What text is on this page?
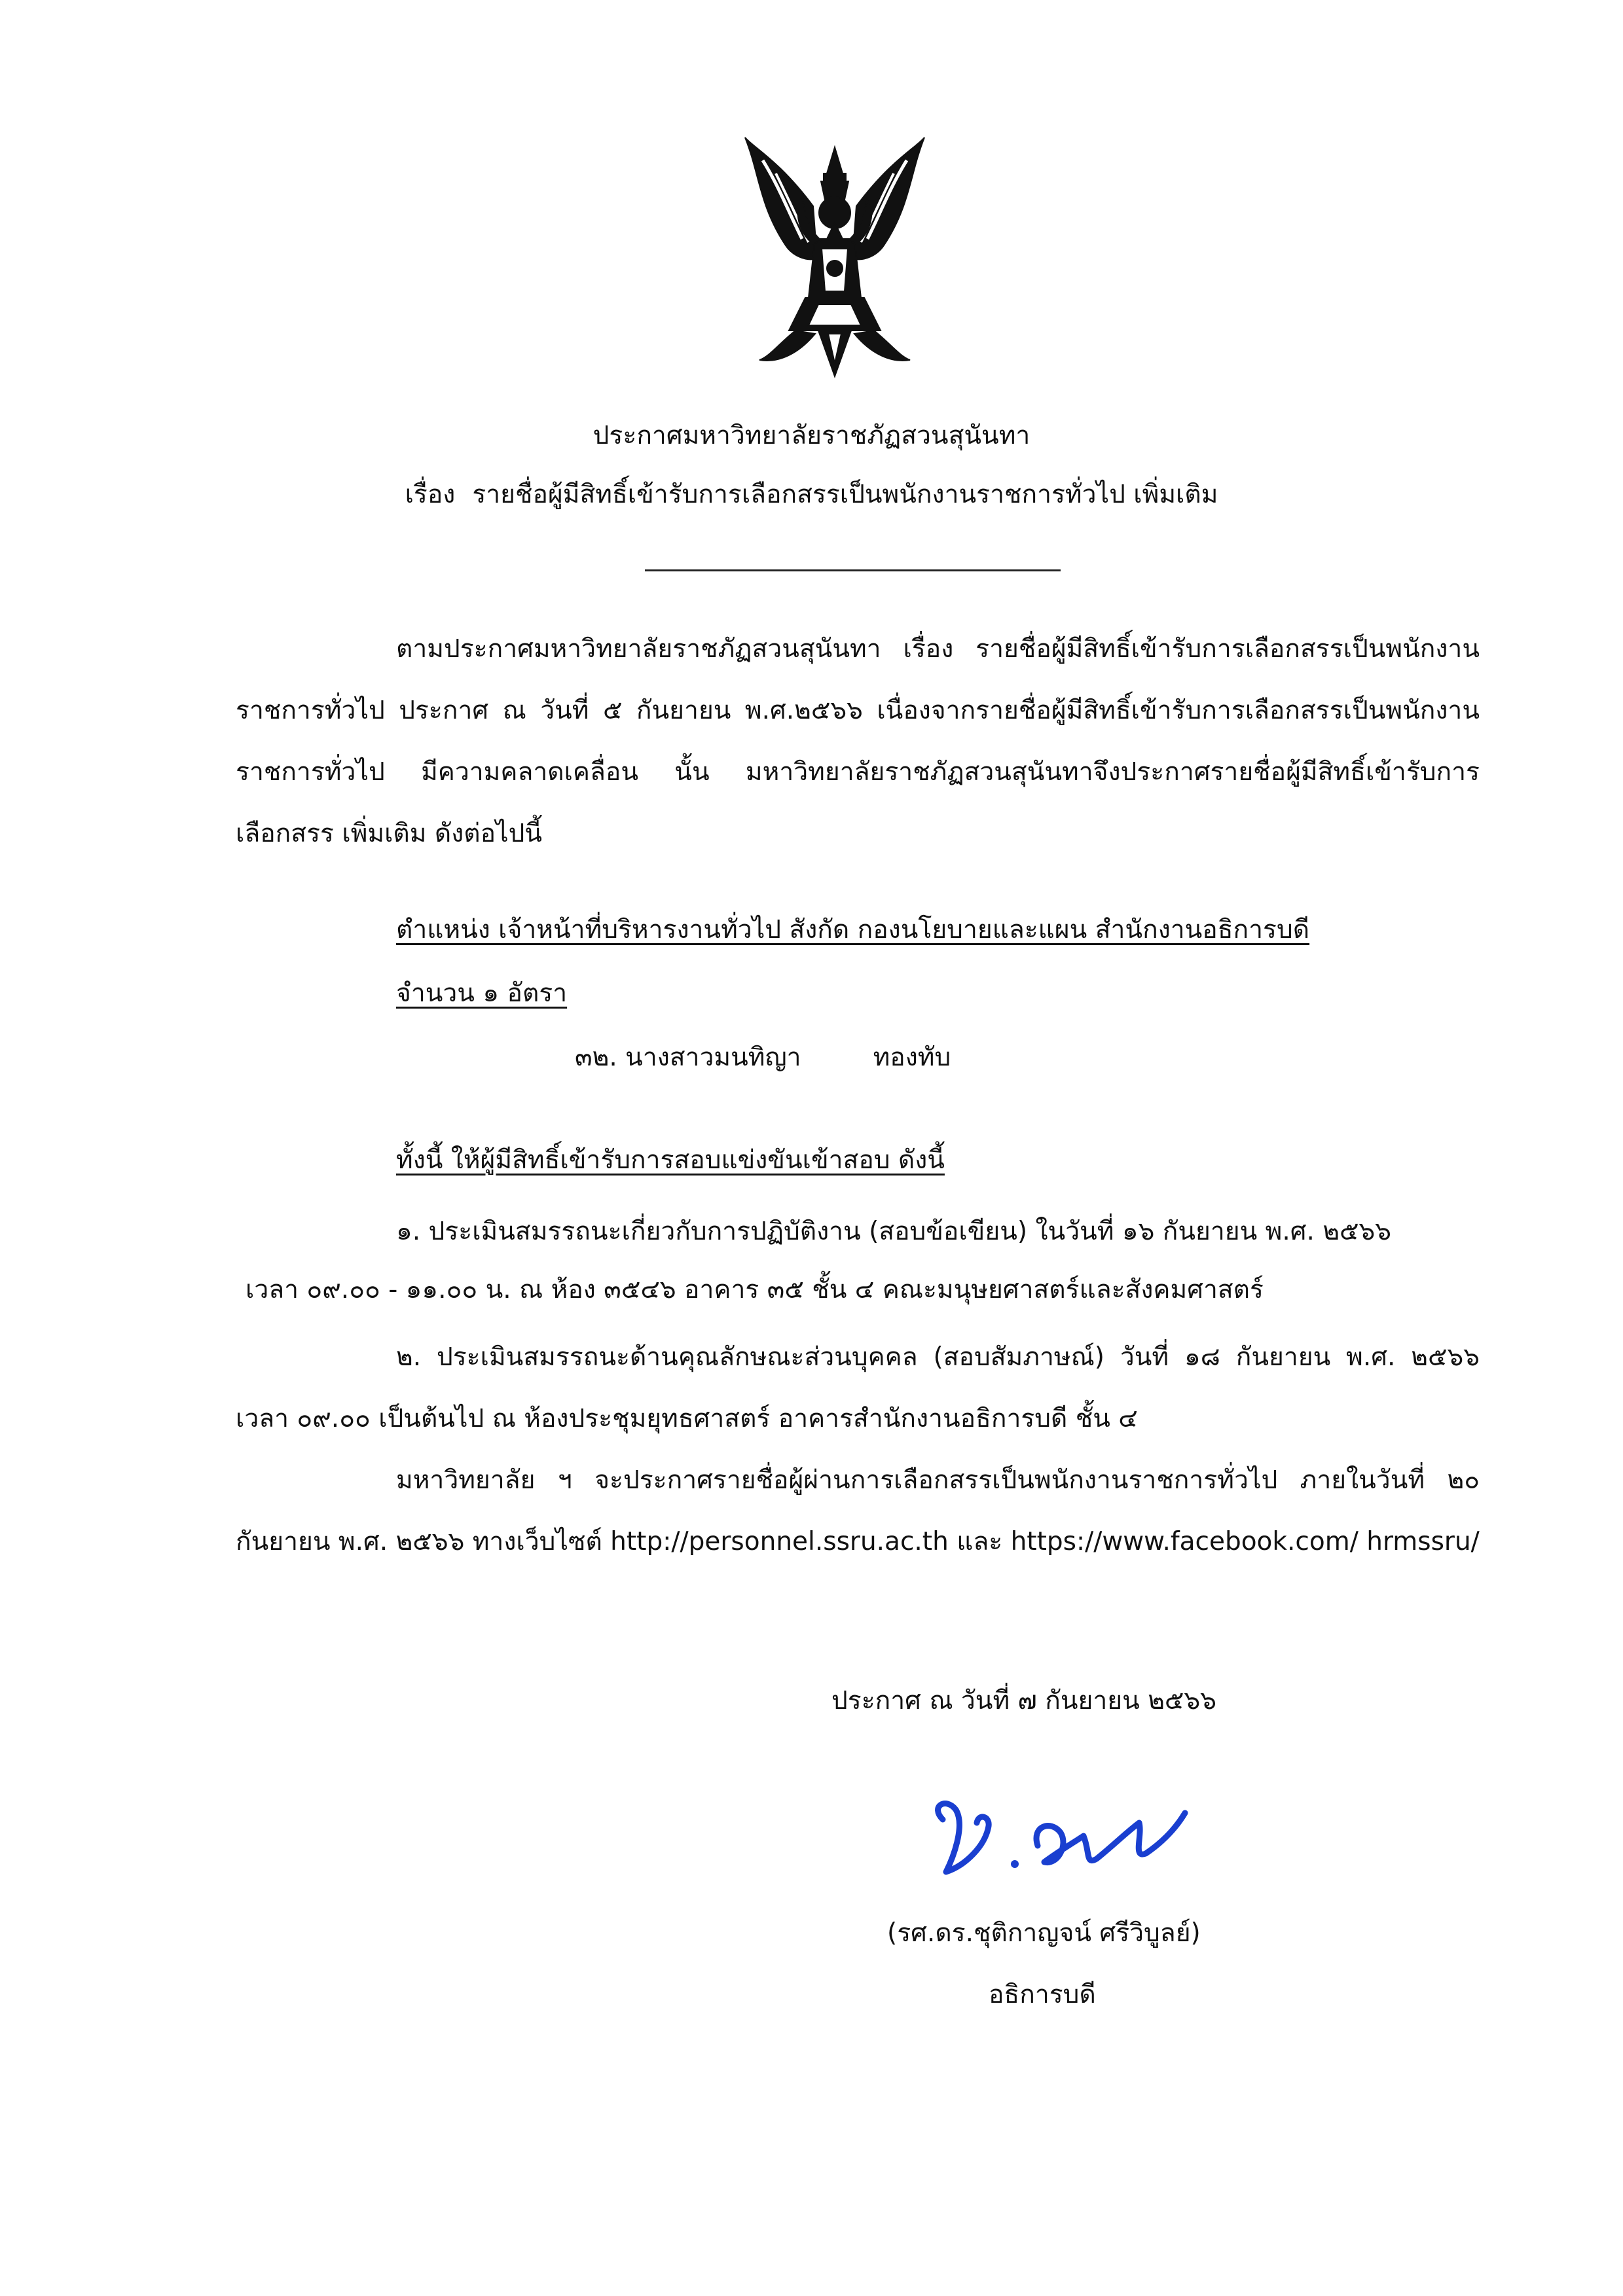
ประกาศมหาวิทยาลัยราชภัฏสวนสุนันทา
เรื่อง รายชื่อผู้มีสิทธิ์เข้ารับการเลือกสรรเป็นพนักงานราชการทั่วไป เพิ่มเติม
ตามประกาศมหาวิทยาลัยราชภัฏสวนสุนันทา เรื่อง รายชื่อผู้มีสิทธิ์เข้ารับการเลือกสรรเป็นพนักงานราชการทั่วไป ประกาศ ณ วันที่ ๕ กันยายน พ.ศ.๒๕๖๖ เนื่องจากรายชื่อผู้มีสิทธิ์เข้ารับการเลือกสรรเป็นพนักงานราชการทั่วไป มีความคลาดเคลื่อน นั้น มหาวิทยาลัยราชภัฏสวนสุนันทาจึงประกาศรายชื่อผู้มีสิทธิ์เข้ารับการเลือกสรร เพิ่มเติม ดังต่อไปนี้
ตำแหน่ง เจ้าหน้าที่บริหารงานทั่วไป สังกัด กองนโยบายและแผน สำนักงานอธิการบดี
จำนวน ๑ อัตรา
๓๒. นางสาวมนทิญา	ทองทับ
ทั้งนี้ ให้ผู้มีสิทธิ์เข้ารับการสอบแข่งขันเข้าสอบ ดังนี้
๑. ประเมินสมรรถนะเกี่ยวกับการปฏิบัติงาน (สอบข้อเขียน) ในวันที่ ๑๖ กันยายน พ.ศ. ๒๕๖๖
เวลา ๐๙.๐๐ - ๑๑.๐๐ น. ณ ห้อง ๓๕๔๖ อาคาร ๓๕ ชั้น ๔ คณะมนุษยศาสตร์และสังคมศาสตร์
๒. ประเมินสมรรถนะด้านคุณลักษณะส่วนบุคคล (สอบสัมภาษณ์) วันที่ ๑๘ กันยายน พ.ศ. ๒๕๖๖ เวลา ๐๙.๐๐ เป็นต้นไป ณ ห้องประชุมยุทธศาสตร์ อาคารสำนักงานอธิการบดี ชั้น ๔
มหาวิทยาลัย ฯ จะประกาศรายชื่อผู้ผ่านการเลือกสรรเป็นพนักงานราชการทั่วไป ภายในวันที่ ๒๐ กันยายน พ.ศ. ๒๕๖๖ ทางเว็บไซต์ http://personnel.ssru.ac.th และ https://www.facebook.com/ hrmssru/
ประกาศ ณ วันที่ ๗ กันยายน ๒๕๖๖
(รศ.ดร.ชุติกาญจน์ ศรีวิบูลย์)
อธิการบดี
